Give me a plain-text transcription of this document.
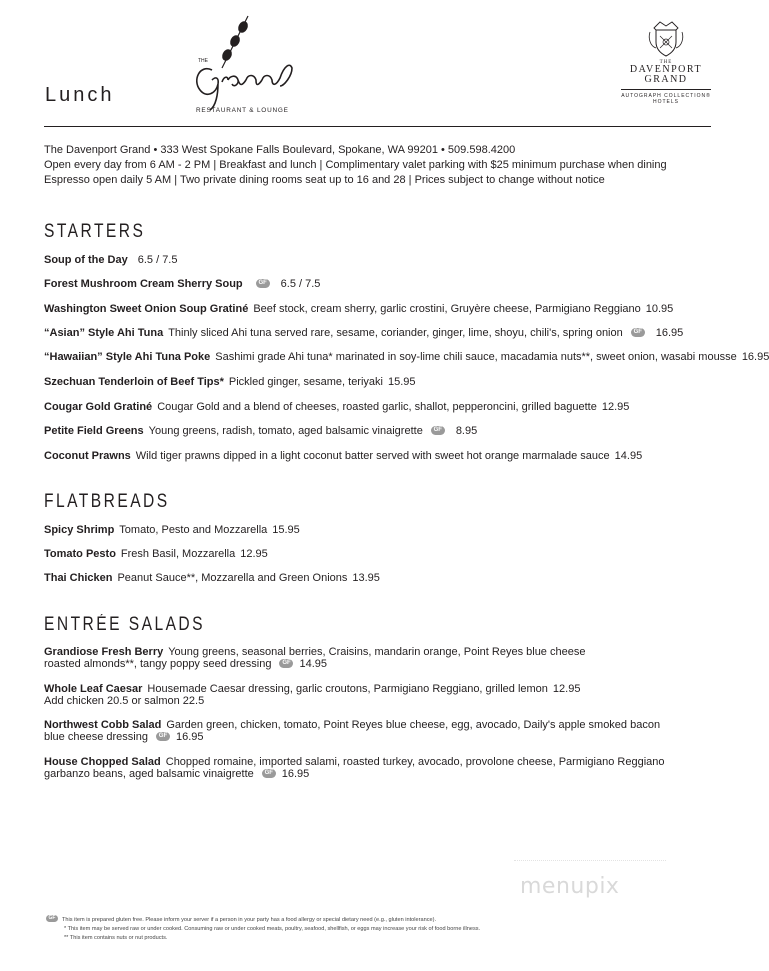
Lunch
THE
RESTAURANT & LOUNGE
THE
DAVENPORT
GRAND
AUTOGRAPH COLLECTION®
HOTELS
The Davenport Grand • 333 West Spokane Falls Boulevard, Spokane, WA 99201 • 509.598.4200
Open every day from 6 AM - 2 PM | Breakfast and lunch | Complimentary valet parking with $25 minimum purchase when dining
Espresso open daily 5 AM | Two private dining rooms seat up to 16 and 28 | Prices subject to change without notice
STARTERS
Soup of the Day 6.5 / 7.5
Forest Mushroom Cream Sherry Soup	GF 6.5 / 7.5
Washington Sweet Onion Soup Gratiné Beef stock, cream sherry, garlic crostini, Gruyère cheese, Parmigiano Reggiano 10.95
“Asian” Style Ahi Tuna Thinly sliced Ahi tuna served rare, sesame, coriander, ginger, lime, shoyu, chili's, spring onion GF 16.95
“Hawaiian” Style Ahi Tuna Poke Sashimi grade Ahi tuna* marinated in soy-lime chili sauce, macadamia nuts**, sweet onion, wasabi mousse 16.95
Szechuan Tenderloin of Beef Tips* Pickled ginger, sesame, teriyaki 15.95
Cougar Gold Gratiné Cougar Gold and a blend of cheeses, roasted garlic, shallot, pepperoncini, grilled baguette 12.95
Petite Field Greens Young greens, radish, tomato, aged balsamic vinaigrette GF 8.95
Coconut Prawns Wild tiger prawns dipped in a light coconut batter served with sweet hot orange marmalade sauce 14.95
FLATBREADS
Spicy Shrimp Tomato, Pesto and Mozzarella 15.95
Tomato Pesto Fresh Basil, Mozzarella 12.95
Thai Chicken Peanut Sauce**, Mozzarella and Green Onions 13.95
ENTRÉE SALADS
Grandiose Fresh Berry Young greens, seasonal berries, Craisins, mandarin orange, Point Reyes blue cheese
roasted almonds**, tangy poppy seed dressing GF 14.95
Whole Leaf Caesar Housemade Caesar dressing, garlic croutons, Parmigiano Reggiano, grilled lemon 12.95
Add chicken 20.5 or salmon 22.5
Northwest Cobb Salad Garden green, chicken, tomato, Point Reyes blue cheese, egg, avocado, Daily's apple smoked bacon
blue cheese dressing GF 16.95
House Chopped Salad Chopped romaine, imported salami, roasted turkey, avocado, provolone cheese, Parmigiano Reggiano
garbanzo beans, aged balsamic vinaigrette GF 16.95
menupix
GF This item is prepared gluten free. Please inform your server if a person in your party has a food allergy or special dietary need (e.g., gluten intolerance).
* This item may be served raw or under cooked. Consuming raw or under cooked meats, poultry, seafood, shellfish, or eggs may increase your risk of food borne illness.
** This item contains nuts or nut products.
